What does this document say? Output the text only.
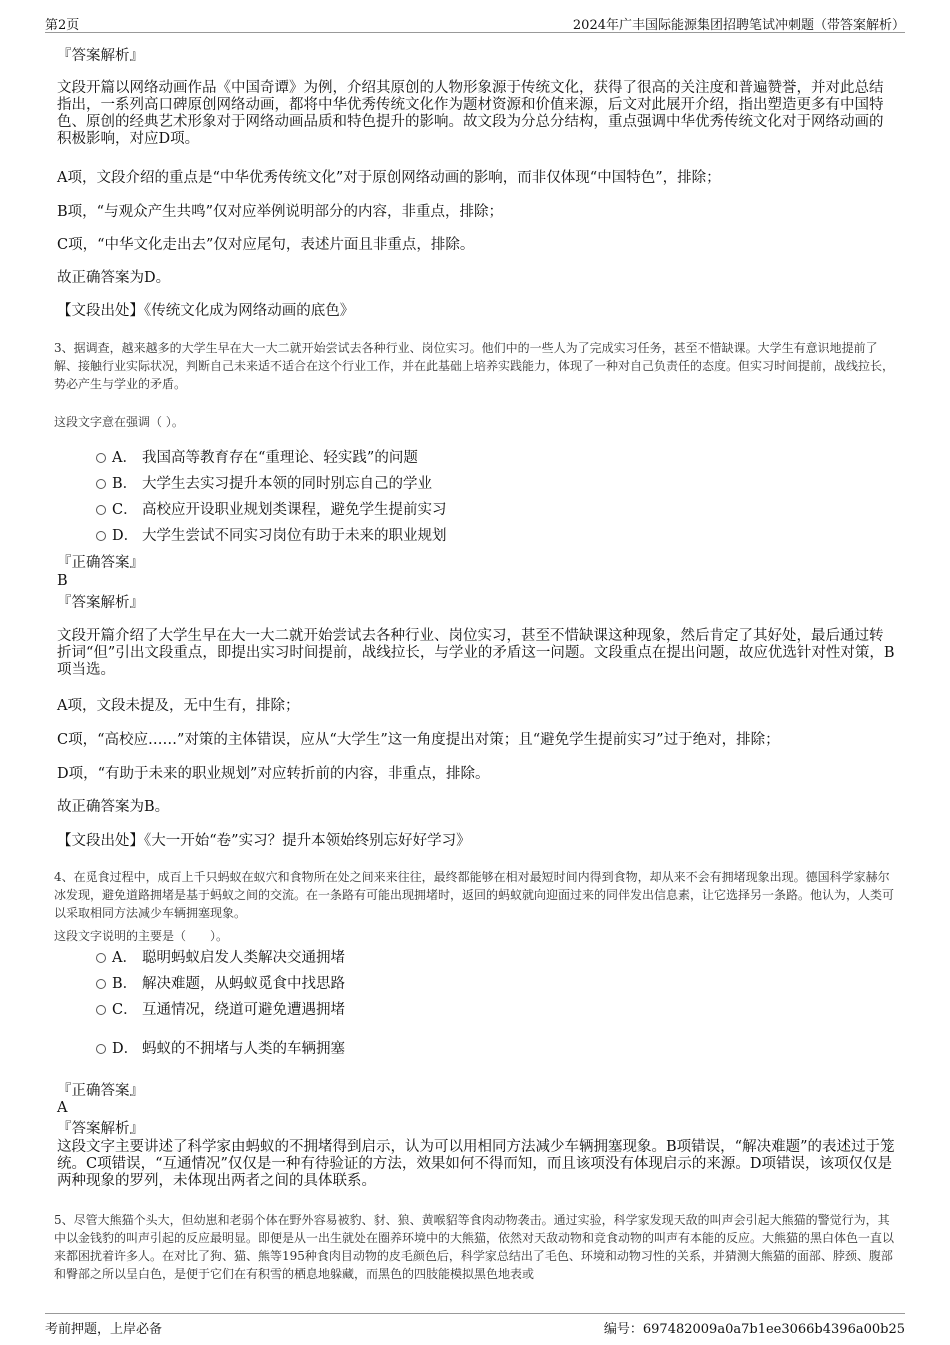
第2页	2024年广丰国际能源集团招聘笔试冲刺题（带答案解析）
『答案解析』

文段开篇以网络动画作品《中国奇谭》为例，介绍其原创的人物形象源于传统文化，获得了很高的关注度和普遍赞誉，并对此总结指出，一系列高口碑原创网络动画，都将中华优秀传统文化作为题材资源和价值来源，后文对此展开介绍，指出塑造更多有中国特色、原创的经典艺术形象对于网络动画品质和特色提升的影响。故文段为分总分结构，重点强调中华优秀传统文化对于网络动画的积极影响，对应D项。

A项，文段介绍的重点是“中华优秀传统文化”对于原创网络动画的影响，而非仅体现“中国特色”，排除；
B项，“与观众产生共鸣”仅对应举例说明部分的内容，非重点，排除；
C项，“中华文化走出去”仅对应尾句，表述片面且非重点，排除。
故正确答案为D。
【文段出处】《传统文化成为网络动画的底色》

3、据调查，越来越多的大学生早在大一大二就开始尝试去各种行业、岗位实习。他们中的一些人为了完成实习任务，甚至不惜缺课。大学生有意识地提前了解、接触行业实际状况，判断自己未来适不适合在这个行业工作，并在此基础上培养实践能力，体现了一种对自己负责任的态度。但实习时间提前，战线拉长，势必产生与学业的矛盾。

这段文字意在强调（ ）。
A． 我国高等教育存在“重理论、轻实践”的问题
B． 大学生去实习提升本领的同时别忘自己的学业
C． 高校应开设职业规划类课程，避免学生提前实习
D． 大学生尝试不同实习岗位有助于未来的职业规划
『正确答案』
B
『答案解析』

文段开篇介绍了大学生早在大一大二就开始尝试去各种行业、岗位实习，甚至不惜缺课这种现象，然后肯定了其好处，最后通过转折词“但”引出文段重点，即提出实习时间提前，战线拉长，与学业的矛盾这一问题。文段重点在提出问题，故应优选针对性对策，B项当选。

A项，文段未提及，无中生有，排除；
C项，“高校应……”对策的主体错误，应从“大学生”这一角度提出对策；且“避免学生提前实习”过于绝对，排除；
D项，“有助于未来的职业规划”对应转折前的内容，非重点，排除。
故正确答案为B。
【文段出处】《大一开始“卷”实习？提升本领始终别忘好好学习》

4、在觅食过程中，成百上千只蚂蚁在蚁穴和食物所在处之间来来往往，最终都能够在相对最短时间内得到食物，却从来不会有拥堵现象出现。德国科学家赫尔冰发现，避免道路拥堵是基于蚂蚁之间的交流。在一条路有可能出现拥堵时，返回的蚂蚁就向迎面过来的同伴发出信息素，让它选择另一条路。他认为，人类可以采取相同方法减少车辆拥塞现象。

这段文字说明的主要是（　　）。
A． 聪明蚂蚁启发人类解决交通拥堵
B． 解决难题，从蚂蚁觅食中找思路
C． 互通情况，绕道可避免遭遇拥堵
D． 蚂蚁的不拥堵与人类的车辆拥塞
『正确答案』
A
『答案解析』

这段文字主要讲述了科学家由蚂蚁的不拥堵得到启示，认为可以用相同方法减少车辆拥塞现象。B项错误，“解决难题”的表述过于笼统。C项错误，“互通情况”仅仅是一种有待验证的方法，效果如何不得而知，而且该项没有体现启示的来源。D项错误，该项仅仅是两种现象的罗列，未体现出两者之间的具体联系。

5、尽管大熊猫个头大，但幼崽和老弱个体在野外容易被豹、豺、狼、黄喉貂等食肉动物袭击。通过实验，科学家发现天敌的叫声会引起大熊猫的警觉行为，其中以金钱豹的叫声引起的反应最明显。即便是从一出生就处在圈养环境中的大熊猫，依然对天敌动物和竞食动物的叫声有本能的反应。大熊猫的黑白体色一直以来都困扰着许多人。在对比了狗、猫、熊等195种食肉目动物的皮毛颜色后，科学家总结出了毛色、环境和动物习性的关系，并猜测大熊猫的面部、脖颈、腹部和臀部之所以呈白色，是便于它们在有积雪的栖息地躲藏，而黑色的四肢能模拟黑色地表或

考前押题，上岸必备	编号：697482009a0a7b1ee3066b4396a00b25
